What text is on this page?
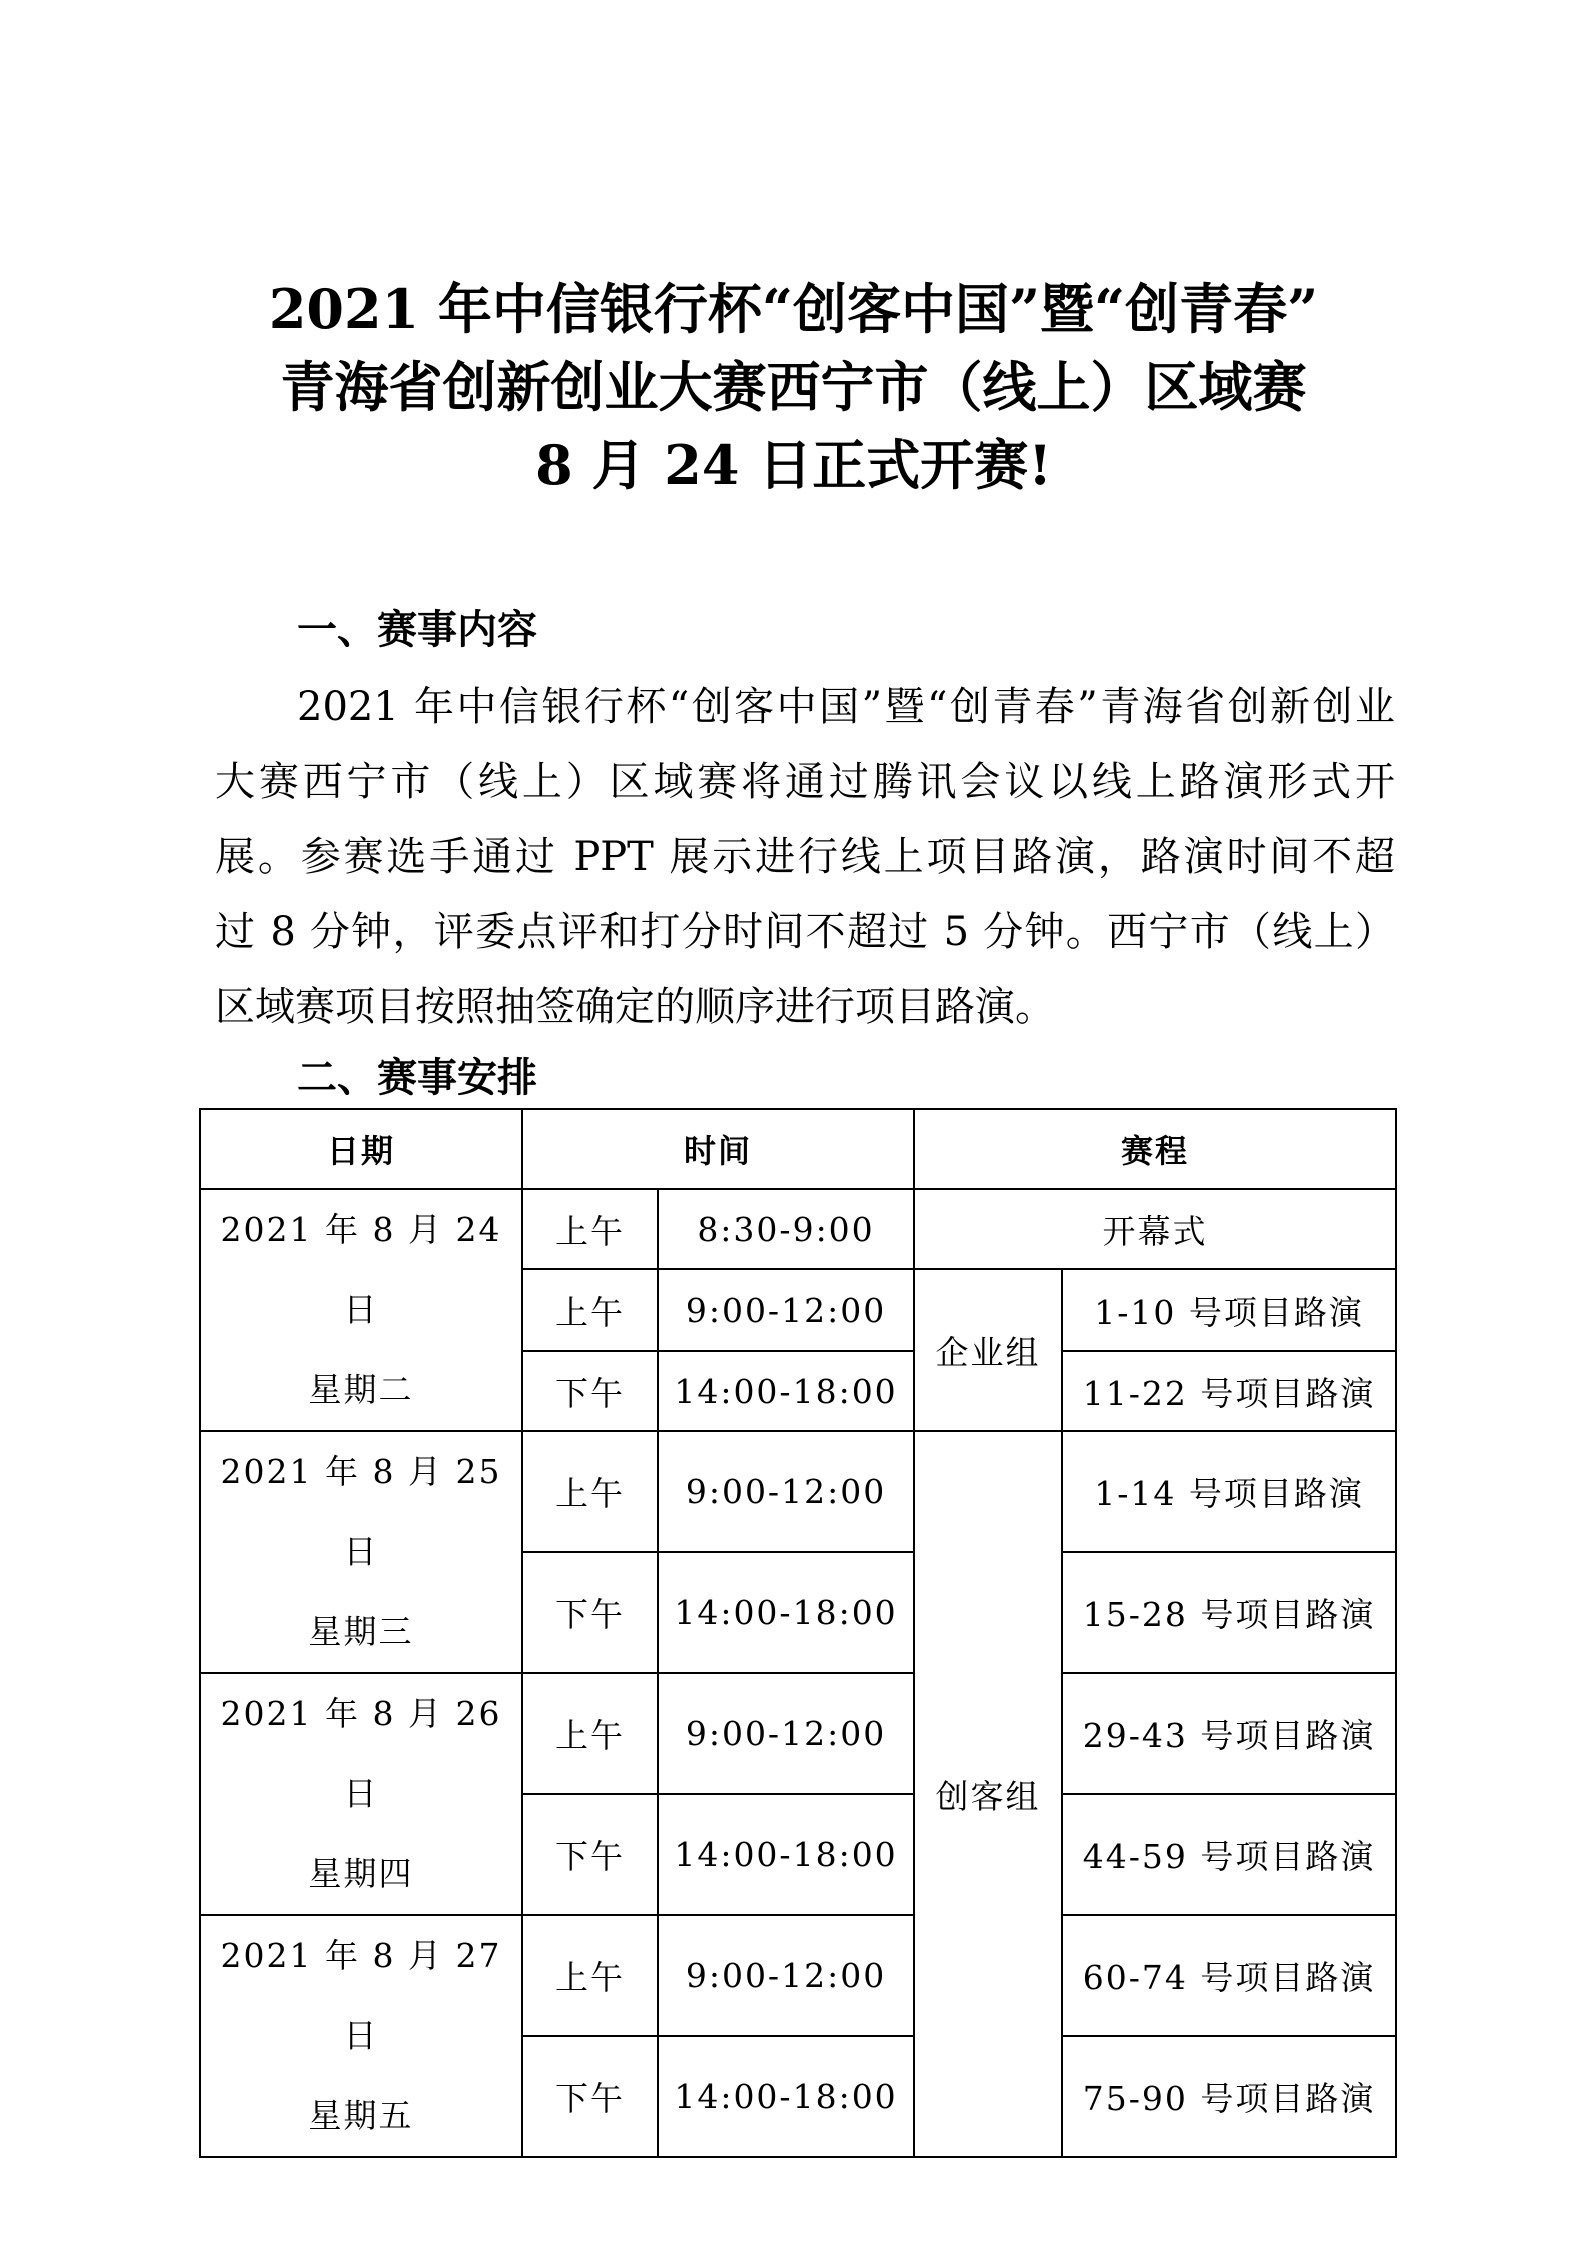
2021 年中信银行杯“创客中国”暨“创青春”
青海省创新创业大赛西宁市（线上）区域赛
8 月 24 日正式开赛!
一、赛事内容
2021 年中信银行杯“创客中国”暨“创青春”青海省创新创业
大赛西宁市（线上）区域赛将通过腾讯会议以线上路演形式开
展。参赛选手通过 PPT 展示进行线上项目路演，路演时间不超
过 8 分钟，评委点评和打分时间不超过 5 分钟。西宁市（线上）
区域赛项目按照抽签确定的顺序进行项目路演。
二、赛事安排
日期	时间		赛程	

2021 年 8 月 24 日
星期二	上午	8:30-9:00	开幕式	
	上午	9:00-12:00	企业组	1-10 号项目路演
	下午	14:00-18:00		11-22 号项目路演

2021 年 8 月 25 日
星期三	上午	9:00-12:00	创客组	1-14 号项目路演
	下午	14:00-18:00		15-28 号项目路演

2021 年 8 月 26 日
星期四	上午	9:00-12:00		29-43 号项目路演
	下午	14:00-18:00		44-59 号项目路演

2021 年 8 月 27 日
星期五	上午	9:00-12:00		60-74 号项目路演
	下午	14:00-18:00		75-90 号项目路演
